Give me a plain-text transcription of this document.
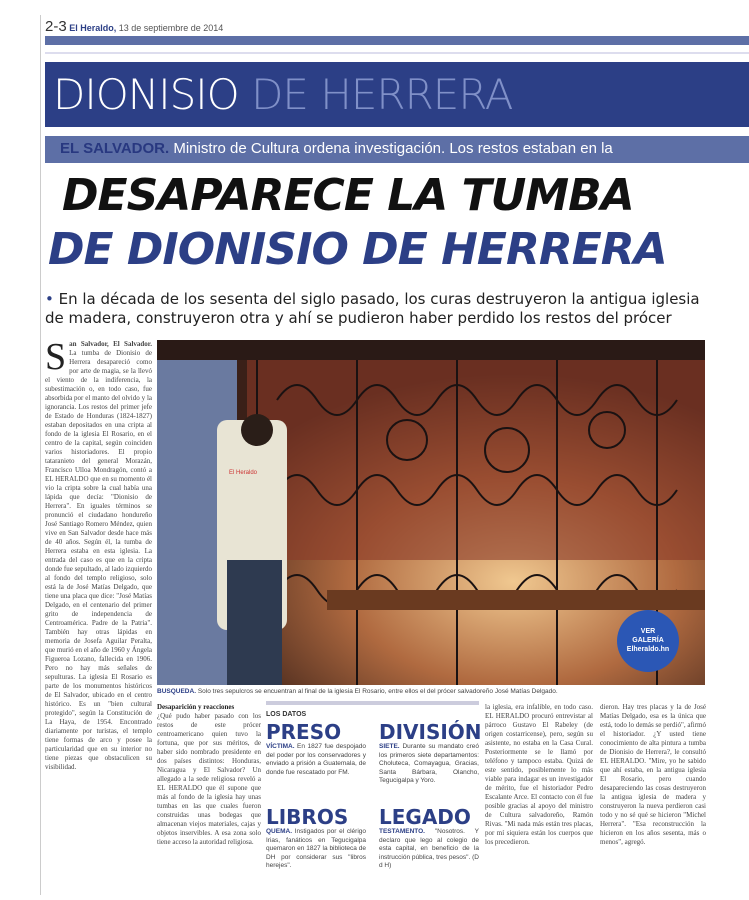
2-3 El Heraldo, 13 de septiembre de 2014
DIONISIO DE HERRERA
EL SALVADOR. Ministro de Cultura ordena investigación. Los restos estaban en la
DESAPARECE LA TUMBA
DE DIONISIO DE HERRERA
• En la década de los sesenta del siglo pasado, los curas destruyeron la antigua iglesia de madera, construyeron otra y ahí se pudieron haber perdido los restos del prócer
S an Salvador, El Salvador. La tumba de Dionisio de Herrera desapareció como por arte de magia, se la llevó el viento de la indiferencia, la subestimación o, en todo caso, fue absorbida por el manto del olvido y la ignorancia. Los restos del primer jefe de Estado de Honduras (1824-1827) estaban depositados en una cripta al fondo de la iglesia El Rosario, en el centro de la capital, según coinciden varios historiadores. El propio tataranieto del general Morazán, Francisco Ulloa Mondragón, contó a EL HERALDO que en su momento él vio la cripta sobre la cual había una lápida que decía: "Dionisio de Herrera". En iguales términos se pronunció el ciudadano hondureño José Santiago Romero Méndez, quien vive en San Salvador desde hace más de 40 años. Según él, la tumba de Herrera estaba en esta iglesia. La entrada del caso es que en la cripta donde fue sepultado, al lado izquierdo al fondo del templo religioso, solo está la de José Matías Delgado, que tiene una placa que dice: "José Matías Delgado, en el centenario del primer grito de independencia de Centroamérica. Padre de la Patria". También hay otras lápidas en memoria de Josefa Aguilar Peralta, que murió en el año de 1960 y Ángela Figueroa Lozano, fallecida en 1906. Pero no hay más señales de sepulturas. La iglesia El Rosario es parte de los monumentos históricos de El Salvador, ubicado en el centro histórico. Es un "bien cultural protegido", según la Constitución de La Haya, de 1954. Encontrado diariamente por turistas, el templo tiene formas de arco y posee la particularidad que en su interior no tiene piezas que obstaculicen su visibilidad.
VER
GALERÍA
Elheraldo.hn
El Heraldo
BÚSQUEDA. Solo tres sepulcros se encuentran al final de la iglesia El Rosario, entre ellos el del prócer salvadoreño José Matías Delgado.
Desaparición y reacciones
¿Qué pudo haber pasado con los restos de este prócer centroamericano quien tuvo la fortuna, que por sus méritos, de haber sido nombrado presidente en dos países distintos: Honduras, Nicaragua y El Salvador? Un allegado a la sede religiosa reveló a EL HERALDO que él supone que más al fondo de la iglesia hay unas tumbas en las que cuales fueron construidas unas bodegas que almacenan viejos materiales, cajas y objetos inservibles. A esa zona solo tiene acceso la autoridad religiosa.
LOS DATOS
PRESO

VÍCTIMA. En 1827 fue despojado del poder por los conservadores y enviado a prisión a Guatemala, de donde fue rescatado por FM.

DIVISIÓN

SIETE. Durante su mandato creó los primeros siete departamentos: Choluteca, Comayagua, Gracias, Santa Bárbara, Olancho, Tegucigalpa y Yoro.

LIBROS

QUEMA. Instigados por el clérigo Irias, fanáticos en Tegucigalpa quemaron en 1827 la biblioteca de DH por considerar sus "libros herejes".

LEGADO

TESTAMENTO. "Nosotros. Y declaro que lego al colegio de esta capital, en beneficio de la instrucción pública, tres pesos". (D d H)

la iglesia, era infalible, en todo caso. EL HERALDO procuró entrevistar al párroco Gustavo El Rabeley (de origen costarricense), pero, según su asistente, no estaba en la Casa Cural. Posteriormente se le llamó por teléfono y tampoco estaba. Quizá de este sentido, posiblemente lo más viable para indagar es un investigador de mérito, fue el historiador Pedro Escalante Arce. El contacto con él fue posible gracias al apoyo del ministro de Cultura salvadoreño, Ramón Rivas. "Mi nada más están tres placas, por mí siquiera están los cuerpos que los precedieron.
dieron. Hay tres placas y la de José Matías Delgado, esa es la única que está, todo lo demás se perdió", afirmó el historiador. ¿Y usted tiene conocimiento de alta pintura a tumba de Dionisio de Herrera?, le consultó EL HERALDO. "Mire, yo he sabido que ahí estaba, en la antigua iglesia El Rosario, pero cuando desapareciendo las cosas destruyeron la antigua iglesia de madera y construyeron la nueva perdieron casi todo y no sé qué se hicieron "Michel Herrera". "Esa reconstrucción la hicieron en los años sesenta, más o menos", agregó.
